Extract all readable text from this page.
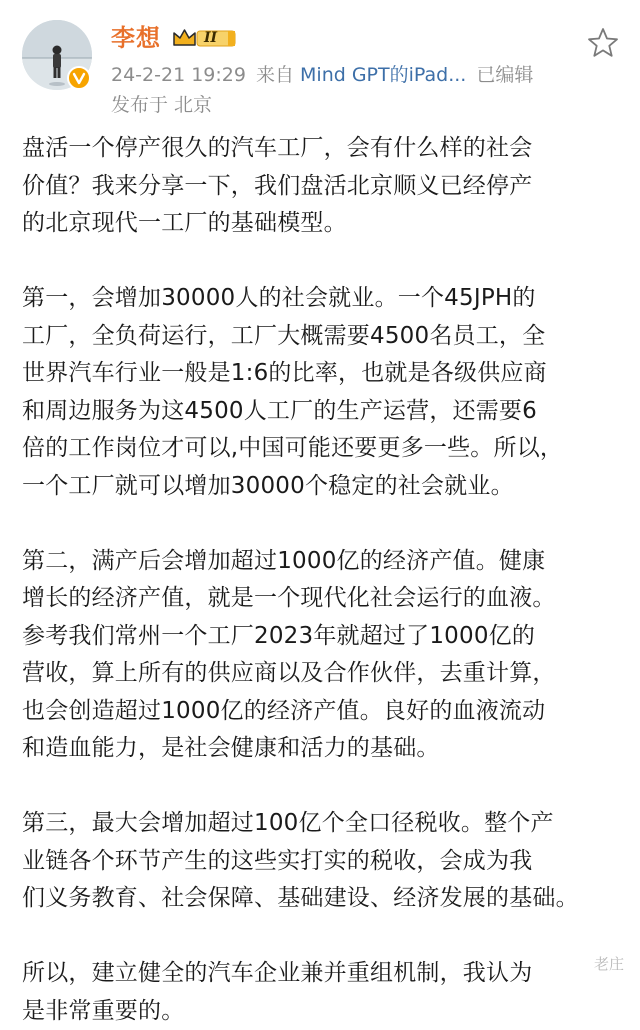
李想	II
24-2-21 19:29 来自 Mind GPT的iPad... 已编辑
发布于 北京

盘活一个停产很久的汽车工厂，会有什么样的社会
价值？我来分享一下，我们盘活北京顺义已经停产
的北京现代一工厂的基础模型。

第一，会增加30000人的社会就业。一个45JPH的
工厂，全负荷运行，工厂大概需要4500名员工，全
世界汽车行业一般是1:6的比率，也就是各级供应商
和周边服务为这4500人工厂的生产运营，还需要6
倍的工作岗位才可以,中国可能还要更多一些。所以，
一个工厂就可以增加30000个稳定的社会就业。

第二，满产后会增加超过1000亿的经济产值。健康
增长的经济产值，就是一个现代化社会运行的血液。
参考我们常州一个工厂2023年就超过了1000亿的
营收，算上所有的供应商以及合作伙伴，去重计算，
也会创造超过1000亿的经济产值。良好的血液流动
和造血能力，是社会健康和活力的基础。

第三，最大会增加超过100亿个全口径税收。整个产
业链各个环节产生的这些实打实的税收，会成为我
们义务教育、社会保障、基础建设、经济发展的基础。

所以，建立健全的汽车企业兼并重组机制，我认为
是非常重要的。

老庄
